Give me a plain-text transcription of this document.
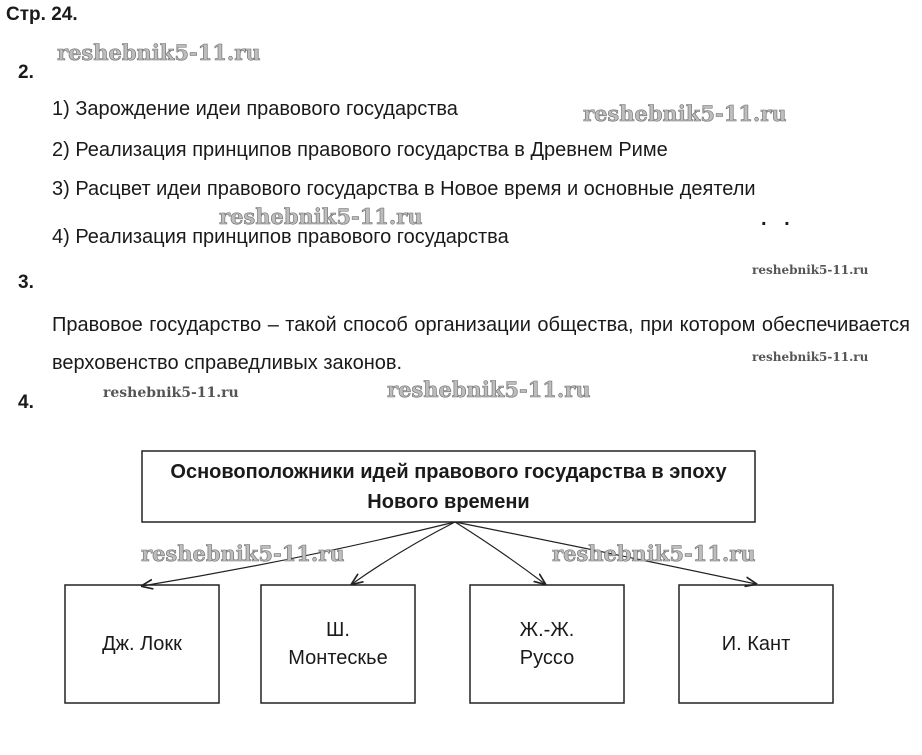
Стр. 24.
2.
1) Зарождение идеи правового государства
2) Реализация принципов правового государства в Древнем Риме
3) Расцвет идеи правового государства в Новое время и основные деятели
4) Реализация принципов правового государства
. .
3.
Правовое государство – такой способ организации общества, при котором обеспечивается верховенство справедливых законов.
4.
Основоположники идей правового государства в эпоху Нового времени
Дж. Локк
Ш. Монтескье
Ж.-Ж. Руссо
И. Кант
reshebnik5-11.ru
reshebnik5-11.ru
reshebnik5-11.ru
reshebnik5-11.ru
reshebnik5-11.ru
reshebnik5-11.ru	reshebnik5-11.ru
reshebnik5-11.ru	reshebnik5-11.ru
